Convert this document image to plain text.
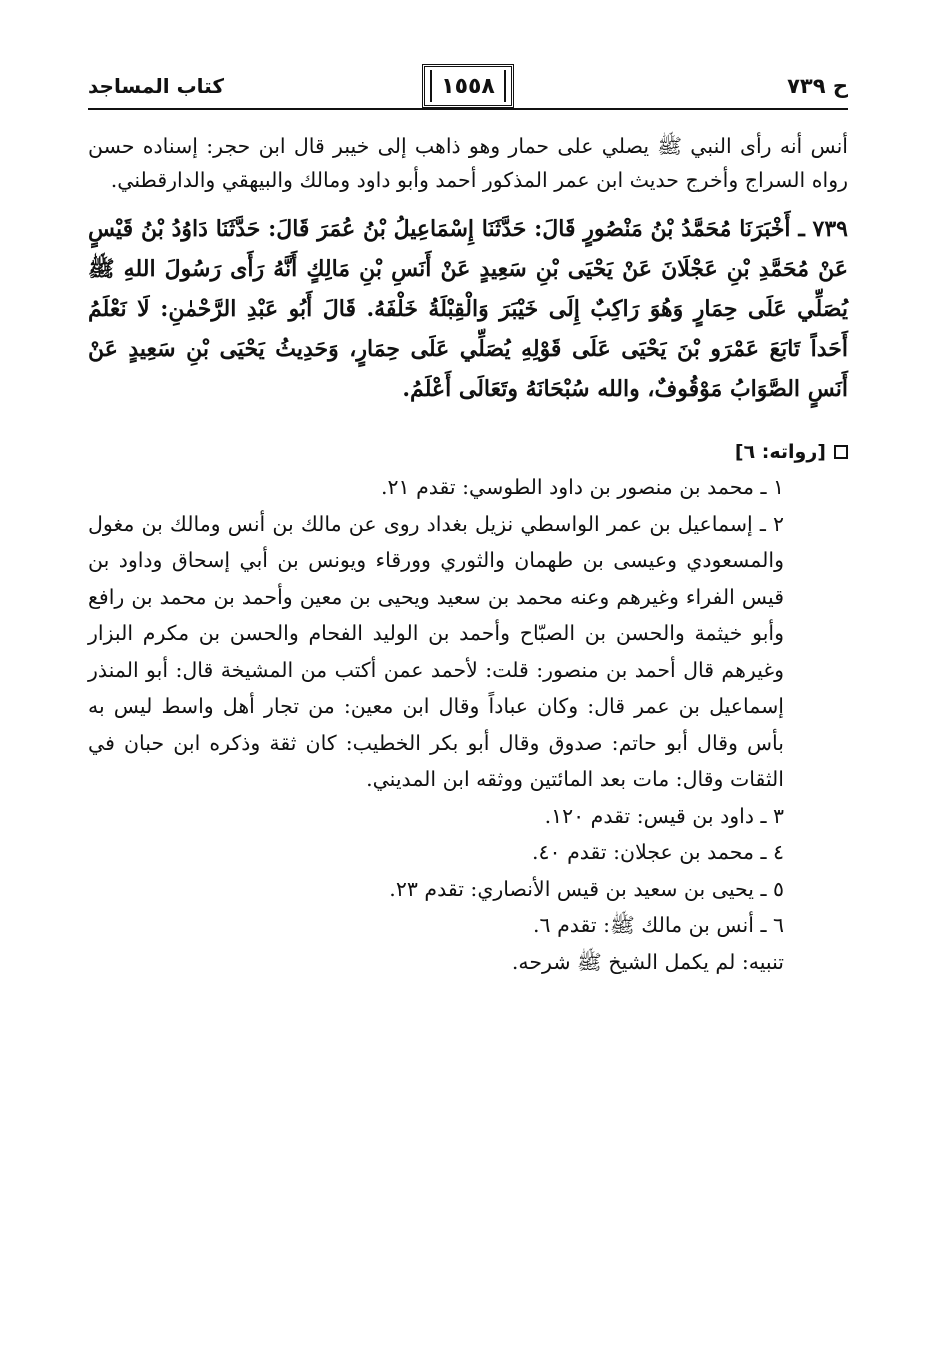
ح ٧٣٩
١٥٥٨
كتاب المساجد
أنس أنه رأى النبي ﷺ يصلي على حمار وهو ذاهب إلى خيبر قال ابن حجر: إسناده حسن رواه السراج وأخرج حديث ابن عمر المذكور أحمد وأبو داود ومالك والبيهقي والدارقطني.
٧٣٩ ـ أَخْبَرَنَا مُحَمَّدُ بْنُ مَنْصُورٍ قَالَ: حَدَّثَنَا إِسْمَاعِيلُ بْنُ عُمَرَ قَالَ: حَدَّثَنَا دَاوُدُ بْنُ قَيْسٍ عَنْ مُحَمَّدِ بْنِ عَجْلَانَ عَنْ يَحْيَى بْنِ سَعِيدٍ عَنْ أَنَسِ بْنِ مَالِكٍ أَنَّهُ رَأَى رَسُولَ اللهِ ﷺ يُصَلِّي عَلَى حِمَارٍ وَهُوَ رَاكِبٌ إِلَى خَيْبَرَ وَالْقِبْلَةُ خَلْفَهُ. قَالَ أَبُو عَبْدِ الرَّحْمٰنِ: لَا نَعْلَمُ أَحَداً تَابَعَ عَمْرَو بْنَ يَحْيَى عَلَى قَوْلِهِ يُصَلِّي عَلَى حِمَارٍ، وَحَدِيثُ يَحْيَى بْنِ سَعِيدٍ عَنْ أَنَسٍ الصَّوَابُ مَوْقُوفٌ، والله سُبْحَانَهُ وتَعَالَى أَعْلَمُ.
[رواته: ٦]

١ ـ محمد بن منصور بن داود الطوسي: تقدم ٢١.

٢ ـ إسماعيل بن عمر الواسطي نزيل بغداد روى عن مالك بن أنس ومالك بن مغول والمسعودي وعيسى بن طهمان والثوري وورقاء ويونس بن أبي إسحاق وداود بن قيس الفراء وغيرهم وعنه محمد بن سعيد ويحيى بن معين وأحمد بن محمد بن رافع وأبو خيثمة والحسن بن الصبّاح وأحمد بن الوليد الفحام والحسن بن مكرم البزار وغيرهم قال أحمد بن منصور: قلت: لأحمد عمن أكتب من المشيخة قال: أبو المنذر إسماعيل بن عمر قال: وكان عباداً وقال ابن معين: من تجار أهل واسط ليس به بأس وقال أبو حاتم: صدوق وقال أبو بكر الخطيب: كان ثقة وذكره ابن حبان في الثقات وقال: مات بعد المائتين ووثقه ابن المديني.

٣ ـ داود بن قيس: تقدم ١٢٠.

٤ ـ محمد بن عجلان: تقدم ٤٠.

٥ ـ يحيى بن سعيد بن قيس الأنصاري: تقدم ٢٣.

٦ ـ أنس بن مالك ﷺ: تقدم ٦.

تنبيه: لم يكمل الشيخ ﷺ شرحه.
